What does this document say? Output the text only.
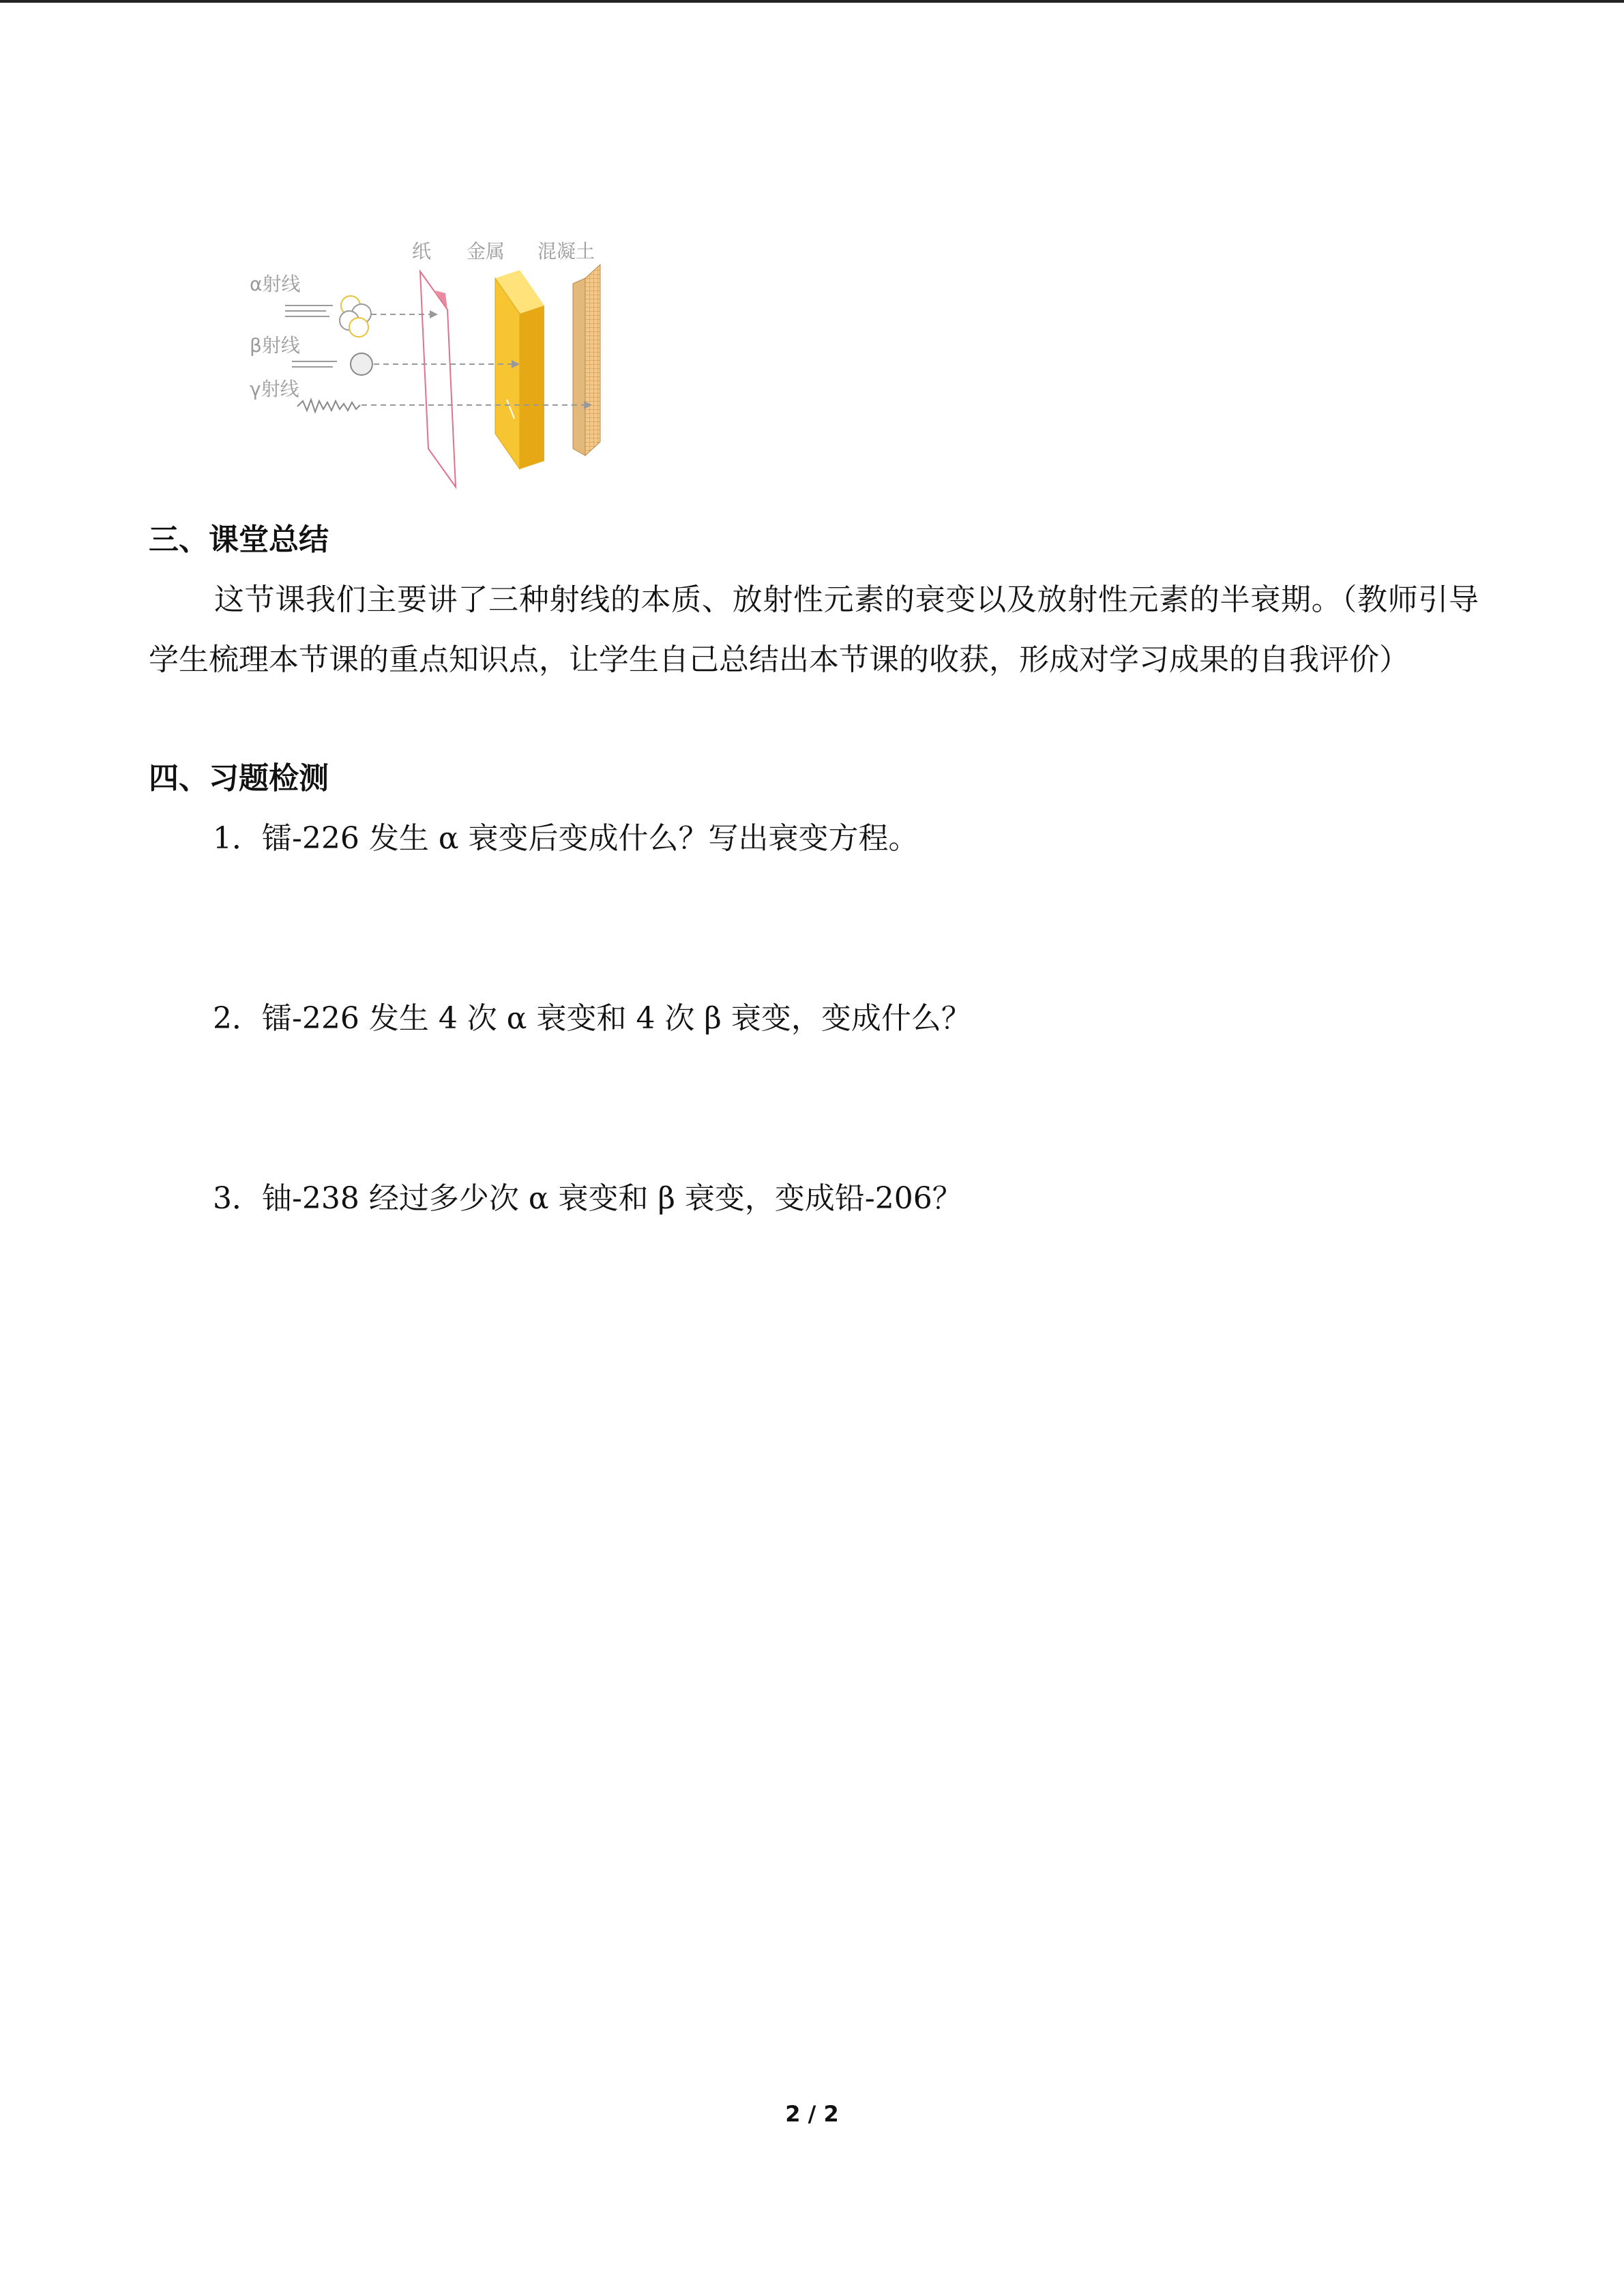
纸 金属 混凝土
α射线
β射线
γ射线
三、课堂总结

这节课我们主要讲了三种射线的本质、放射性元素的衰变以及放射性元素的半衰期。（教师引导学生梳理本节课的重点知识点，让学生自己总结出本节课的收获，形成对学习成果的自我评价）

四、习题检测

1．镭-226 发生 α 衰变后变成什么？写出衰变方程。

2．镭-226 发生 4 次 α 衰变和 4 次 β 衰变，变成什么？

3．铀-238 经过多少次 α 衰变和 β 衰变，变成铅-206？

2 / 2
